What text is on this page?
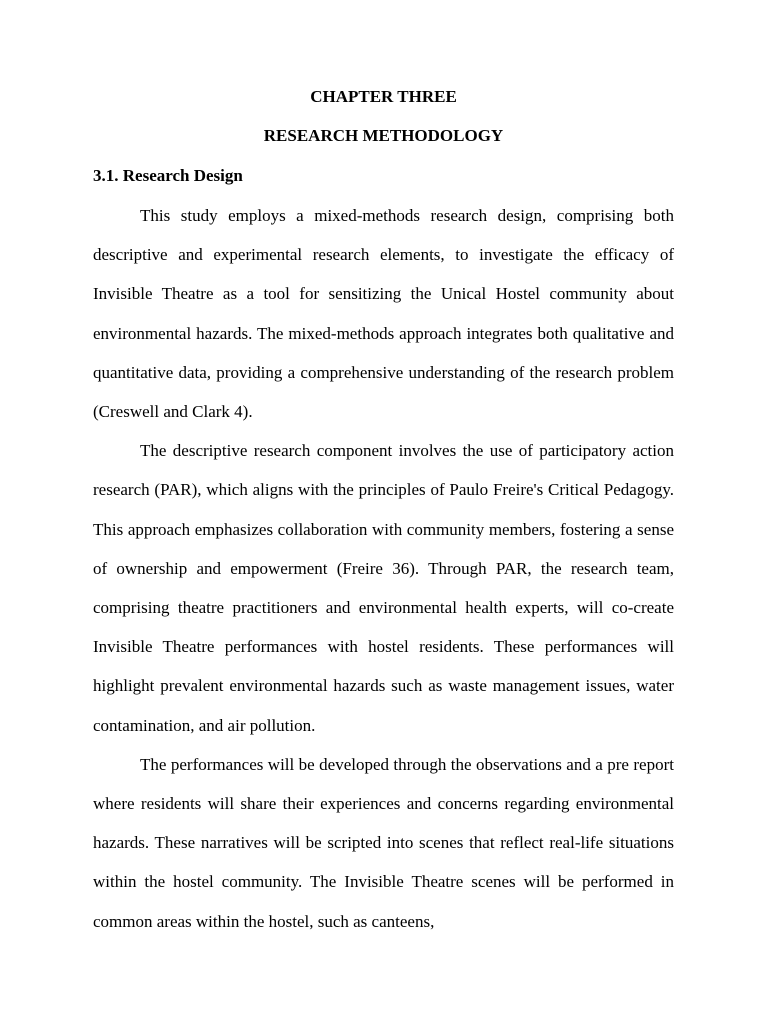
CHAPTER THREE
RESEARCH METHODOLOGY
3.1. Research Design

This study employs a mixed-methods research design, comprising both descriptive and experimental research elements, to investigate the efficacy of Invisible Theatre as a tool for sensitizing the Unical Hostel community about environmental hazards. The mixed-methods approach integrates both qualitative and quantitative data, providing a comprehensive understanding of the research problem (Creswell and Clark 4).

The descriptive research component involves the use of participatory action research (PAR), which aligns with the principles of Paulo Freire's Critical Pedagogy. This approach emphasizes collaboration with community members, fostering a sense of ownership and empowerment (Freire 36). Through PAR, the research team, comprising theatre practitioners and environmental health experts, will co-create Invisible Theatre performances with hostel residents. These performances will highlight prevalent environmental hazards such as waste management issues, water contamination, and air pollution.

The performances will be developed through the observations and a pre report where residents will share their experiences and concerns regarding environmental hazards. These narratives will be scripted into scenes that reflect real-life situations within the hostel community. The Invisible Theatre scenes will be performed in common areas within the hostel, such as canteens,
